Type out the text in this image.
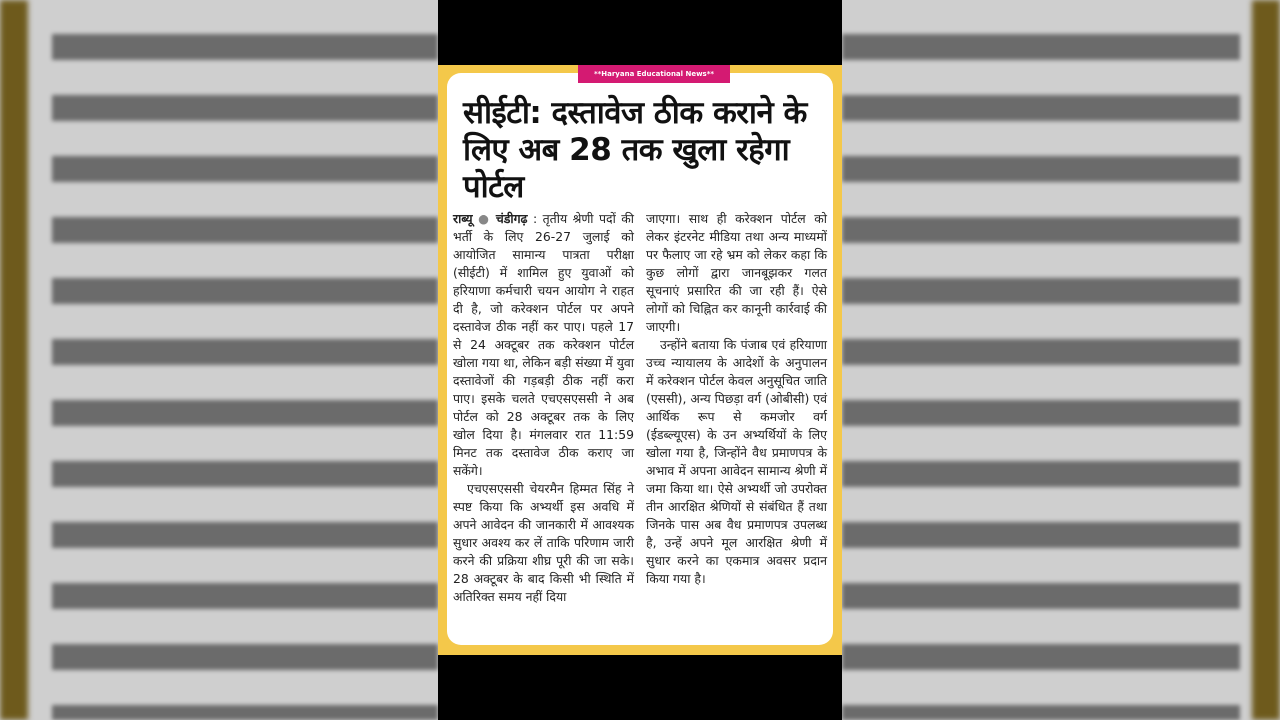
**Haryana Educational News**
सीईटी: दस्तावेज ठीक कराने के लिए अब 28 तक खुला रहेगा पोर्टल

राब्यू ● चंडीगढ़ : तृतीय श्रेणी पदों की भर्ती के लिए 26-27 जुलाई को आयोजित सामान्य पात्रता परीक्षा (सीईटी) में शामिल हुए युवाओं को हरियाणा कर्मचारी चयन आयोग ने राहत दी है, जो करेक्शन पोर्टल पर अपने दस्तावेज ठीक नहीं कर पाए। पहले 17 से 24 अक्टूबर तक करेक्शन पोर्टल खोला गया था, लेकिन बड़ी संख्या में युवा दस्तावेजों की गड़बड़ी ठीक नहीं करा पाए। इसके चलते एचएसएससी ने अब पोर्टल को 28 अक्टूबर तक के लिए खोल दिया है। मंगलवार रात 11:59 मिनट तक दस्तावेज ठीक कराए जा सकेंगे।

एचएसएससी चेयरमैन हिम्मत सिंह ने स्पष्ट किया कि अभ्यर्थी इस अवधि में अपने आवेदन की जानकारी में आवश्यक सुधार अवश्य कर लें ताकि परिणाम जारी करने की प्रक्रिया शीघ्र पूरी की जा सके। 28 अक्टूबर के बाद किसी भी स्थिति में अतिरिक्त समय नहीं दिया

जाएगा। साथ ही करेक्शन पोर्टल को लेकर इंटरनेट मीडिया तथा अन्य माध्यमों पर फैलाए जा रहे भ्रम को लेकर कहा कि कुछ लोगों द्वारा जानबूझकर गलत सूचनाएं प्रसारित की जा रही हैं। ऐसे लोगों को चिह्नित कर कानूनी कार्रवाई की जाएगी।

उन्होंने बताया कि पंजाब एवं हरियाणा उच्च न्यायालय के आदेशों के अनुपालन में करेक्शन पोर्टल केवल अनुसूचित जाति (एससी), अन्य पिछड़ा वर्ग (ओबीसी) एवं आर्थिक रूप से कमजोर वर्ग (ईडब्ल्यूएस) के उन अभ्यर्थियों के लिए खोला गया है, जिन्होंने वैध प्रमाणपत्र के अभाव में अपना आवेदन सामान्य श्रेणी में जमा किया था। ऐसे अभ्यर्थी जो उपरोक्त तीन आरक्षित श्रेणियों से संबंधित हैं तथा जिनके पास अब वैध प्रमाणपत्र उपलब्ध है, उन्हें अपने मूल आरक्षित श्रेणी में सुधार करने का एकमात्र अवसर प्रदान किया गया है।
